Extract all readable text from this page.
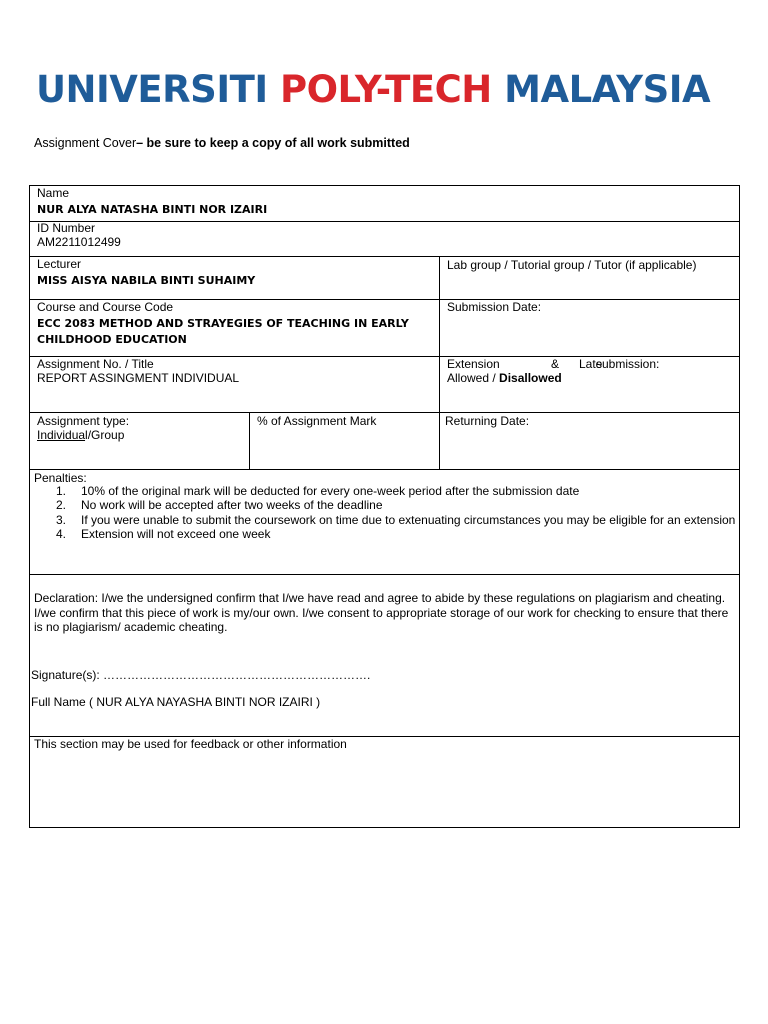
UNIVERSITI POLY-TECH MALAYSIA
Assignment Cover– be sure to keep a copy of all work submitted
Name
NUR ALYA NATASHA BINTI NOR IZAIRI
ID Number
AM2211012499
Lecturer
MISS AISYA NABILA BINTI SUHAIMY
Lab group / Tutorial group / Tutor (if applicable)
Course and Course Code
ECC 2083 METHOD AND STRAYEGIES OF TEACHING IN EARLY
CHILDHOOD EDUCATION
Submission Date:
Assignment No. / Title
REPORT ASSINGMENT INDIVIDUAL
Extension	& Late
submission:
Allowed / Disallowed
Assignment type:
Individual/Group
% of Assignment Mark	Returning Date:
Penalties:
1. 10% of the original mark will be deducted for every one-week period after the submission date
2. No work will be accepted after two weeks of the deadline
3. If you were unable to submit the coursework on time due to extenuating circumstances you may be eligible for an extension
4. Extension will not exceed one week
Declaration: I/we the undersigned confirm that I/we have read and agree to abide by these regulations on plagiarism and cheating. I/we confirm that this piece of work is my/our own. I/we consent to appropriate storage of our work for checking to ensure that there is no plagiarism/ academic cheating.
Signature(s): ………………………………………………………….
Full Name ( NUR ALYA NAYASHA BINTI NOR IZAIRI )
This section may be used for feedback or other information
